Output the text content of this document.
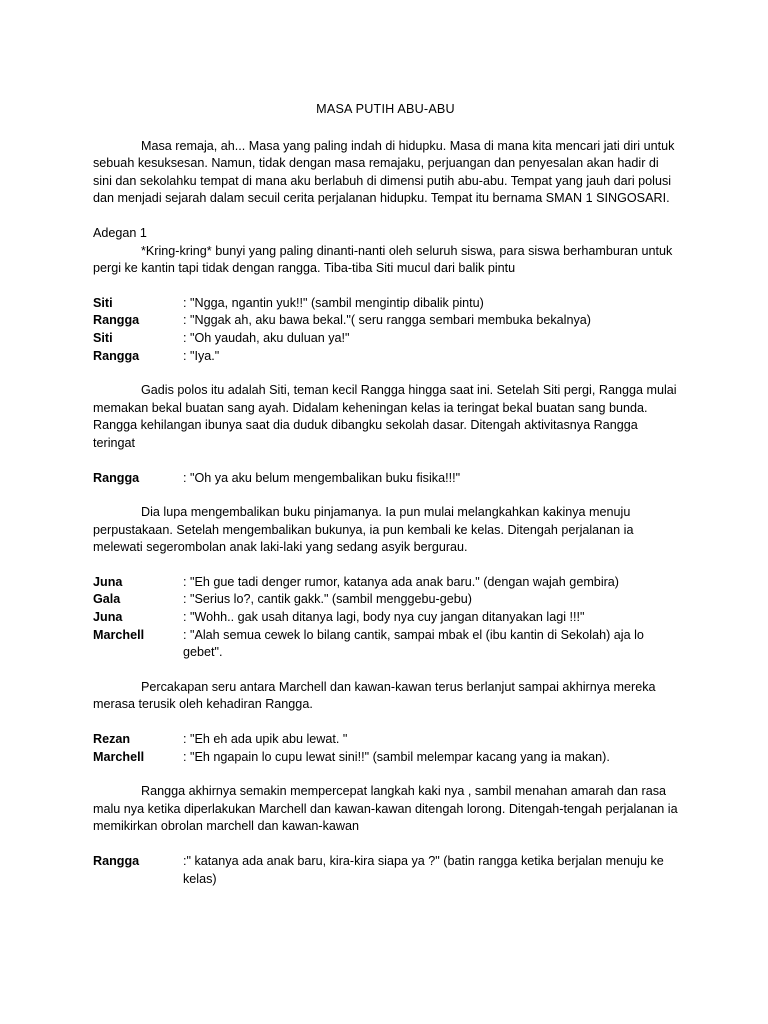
MASA PUTIH ABU-ABU

Masa remaja, ah... Masa yang paling indah di hidupku. Masa di mana kita mencari jati diri untuk sebuah kesuksesan. Namun, tidak dengan masa remajaku, perjuangan dan penyesalan akan hadir di sini dan sekolahku tempat di mana aku berlabuh di dimensi putih abu-abu. Tempat yang jauh dari polusi dan menjadi sejarah dalam secuil cerita perjalanan hidupku. Tempat itu bernama SMAN 1 SINGOSARI.

Adegan 1

*Kring-kring* bunyi yang paling dinanti-nanti oleh seluruh siswa, para siswa berhamburan untuk pergi ke kantin tapi tidak dengan rangga. Tiba-tiba Siti mucul dari balik pintu

Siti	: "Ngga, ngantin yuk!!" (sambil mengintip dibalik pintu)
Rangga	: "Nggak ah, aku bawa bekal."( seru rangga sembari membuka bekalnya)
Siti	: "Oh yaudah, aku duluan ya!"
Rangga	: "Iya."

Gadis polos itu adalah Siti, teman kecil Rangga hingga saat ini. Setelah Siti pergi, Rangga mulai memakan bekal buatan sang ayah. Didalam keheningan kelas ia teringat bekal buatan sang bunda. Rangga kehilangan ibunya saat dia duduk dibangku sekolah dasar. Ditengah aktivitasnya Rangga teringat

Rangga	: "Oh ya aku belum mengembalikan buku fisika!!!"

Dia lupa mengembalikan buku pinjamanya. Ia pun mulai melangkahkan kakinya menuju perpustakaan. Setelah mengembalikan bukunya, ia pun kembali ke kelas. Ditengah perjalanan ia melewati segerombolan anak laki-laki yang sedang asyik bergurau.

Juna	: "Eh gue tadi denger rumor, katanya ada anak baru." (dengan wajah gembira)
Gala	: "Serius lo?, cantik gakk." (sambil menggebu-gebu)
Juna	: "Wohh.. gak usah ditanya lagi, body nya cuy jangan ditanyakan lagi !!!"
Marchell	: "Alah semua cewek lo bilang cantik, sampai mbak el (ibu kantin di Sekolah) aja lo gebet".

Percakapan seru antara Marchell dan kawan-kawan terus berlanjut sampai akhirnya mereka merasa terusik oleh kehadiran Rangga.

Rezan	: "Eh eh ada upik abu lewat. "
Marchell	: "Eh ngapain lo cupu lewat sini!!" (sambil melempar kacang yang ia makan).

Rangga akhirnya semakin mempercepat langkah kaki nya , sambil menahan amarah dan rasa malu nya ketika diperlakukan Marchell dan kawan-kawan ditengah lorong. Ditengah-tengah perjalanan ia memikirkan obrolan marchell dan kawan-kawan

Rangga	:" katanya ada anak baru, kira-kira siapa ya ?" (batin rangga ketika berjalan menuju ke kelas)
